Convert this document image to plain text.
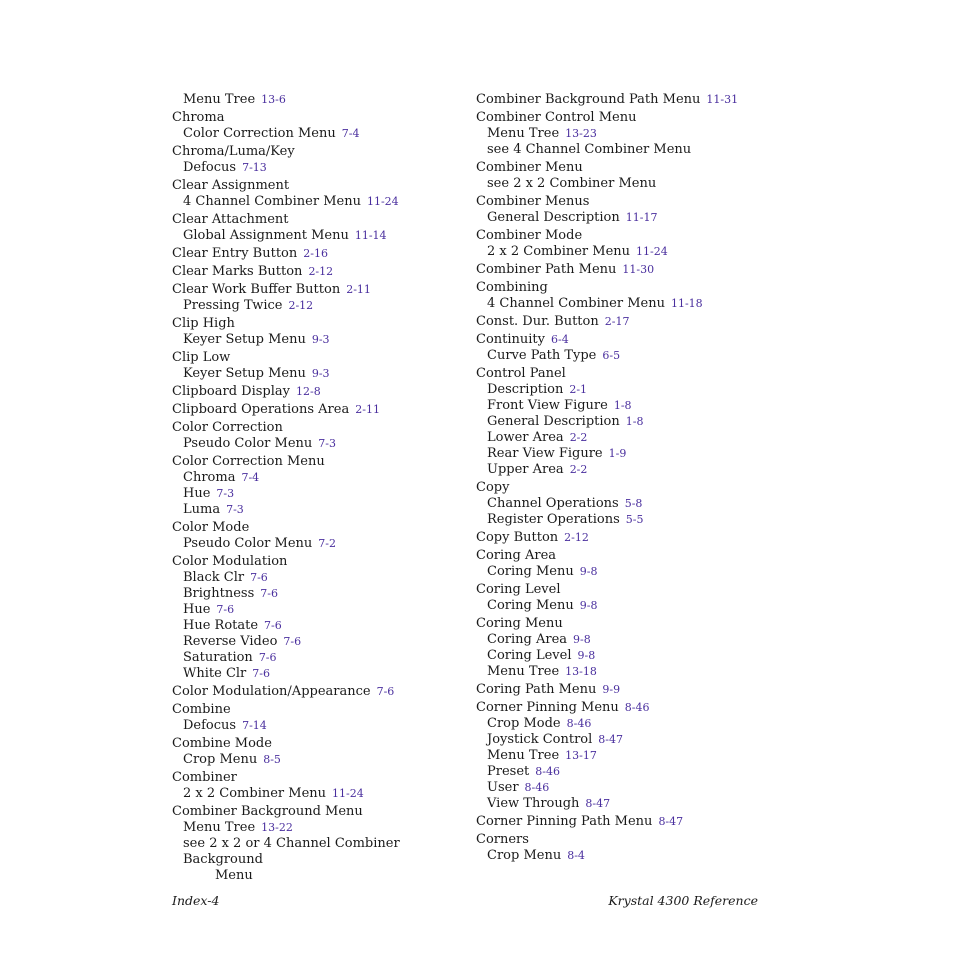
Menu Tree 13-6
Chroma
Color Correction Menu 7-4
Chroma/Luma/Key
Defocus 7-13
Clear Assignment
4 Channel Combiner Menu 11-24
Clear Attachment
Global Assignment Menu 11-14
Clear Entry Button 2-16
Clear Marks Button 2-12
Clear Work Buffer Button 2-11
Pressing Twice 2-12
Clip High
Keyer Setup Menu 9-3
Clip Low
Keyer Setup Menu 9-3
Clipboard Display 12-8
Clipboard Operations Area 2-11
Color Correction
Pseudo Color Menu 7-3
Color Correction Menu
Chroma 7-4
Hue 7-3
Luma 7-3
Color Mode
Pseudo Color Menu 7-2
Color Modulation
Black Clr 7-6
Brightness 7-6
Hue 7-6
Hue Rotate 7-6
Reverse Video 7-6
Saturation 7-6
White Clr 7-6
Color Modulation/Appearance 7-6
Combine
Defocus 7-14
Combine Mode
Crop Menu 8-5
Combiner
2 x 2 Combiner Menu 11-24
Combiner Background Menu
Menu Tree 13-22
see 2 x 2 or 4 Channel Combiner Background
Menu
Combiner Background Path Menu 11-31
Combiner Control Menu
Menu Tree 13-23
see 4 Channel Combiner Menu
Combiner Menu
see 2 x 2 Combiner Menu
Combiner Menus
General Description 11-17
Combiner Mode
2 x 2 Combiner Menu 11-24
Combiner Path Menu 11-30
Combining
4 Channel Combiner Menu 11-18
Const. Dur. Button 2-17
Continuity 6-4
Curve Path Type 6-5
Control Panel
Description 2-1
Front View Figure 1-8
General Description 1-8
Lower Area 2-2
Rear View Figure 1-9
Upper Area 2-2
Copy
Channel Operations 5-8
Register Operations 5-5
Copy Button 2-12
Coring Area
Coring Menu 9-8
Coring Level
Coring Menu 9-8
Coring Menu
Coring Area 9-8
Coring Level 9-8
Menu Tree 13-18
Coring Path Menu 9-9
Corner Pinning Menu 8-46
Crop Mode 8-46
Joystick Control 8-47
Menu Tree 13-17
Preset 8-46
User 8-46
View Through 8-47
Corner Pinning Path Menu 8-47
Corners
Crop Menu 8-4
Index-4	Krystal 4300 Reference
